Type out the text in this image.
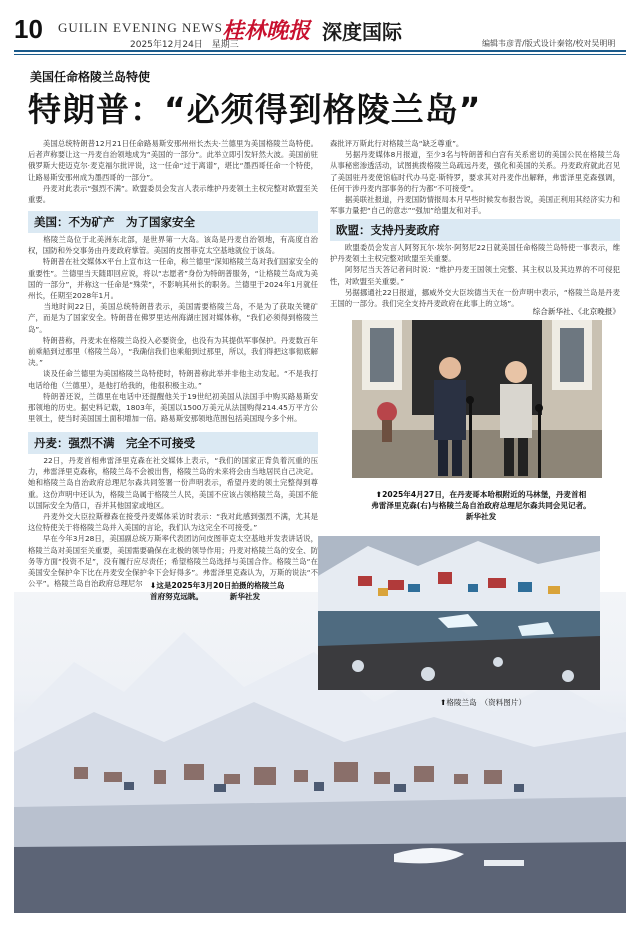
10 GUILIN EVENING NEWS
2025年12月24日　星期三
桂林晚报 深度国际	编辑韦彦青/版式设计秦铭/校对吴明明
美国任命格陵兰岛特使
特朗普：“必须得到格陵兰岛”
　　美国总统特朗普12月21日任命路易斯安那州州长杰夫·兰德里为美国格陵兰岛特使。后者声称要让这一丹麦自治领地成为“美国的一部分”。此举立即引发轩然大波。美国前驻俄罗斯大使迈克尔·麦克福尔批评说，这一任命“过于离谱”，堪比“墨西哥任命一个特使，让路易斯安那州成为墨西哥的一部分”。
　　丹麦对此表示“强烈不满”。欧盟委员会发言人表示维护丹麦领土主权完整对欧盟至关重要。
美国：不为矿产　为了国家安全
　　格陵兰岛位于北美洲东北部，是世界第一大岛。该岛是丹麦自治领地，有高度自治权，国防和外交事务由丹麦政府掌管。美国的皮图菲克太空基地就位于该岛。
　　特朗普在社交媒体X平台上宣布这一任命，称兰德里“深知格陵兰岛对我们国家安全的重要性”。兰德里当天随即回应说，将以“志愿者”身份为特朗普服务，“让格陵兰岛成为美国的一部分”，并称这一任命是“殊荣”，不影响其州长的职务。兰德里于2024年1月就任州长，任期至2028年1月。
　　当地时间22日，美国总统特朗普表示，美国需要格陵兰岛，不是为了获取关键矿产，而是为了国家安全。特朗普在佛罗里达州海湖庄园对媒体称，“我们必须得到格陵兰岛”。
　　特朗普称，丹麦未在格陵兰岛投入必要资金，也没有为其提供军事保护。丹麦数百年前乘船到过那里（格陵兰岛），“我确信我们也乘船到过那里，所以，我们得把这事彻底解决。”
　　谈及任命兰德里为美国格陵兰岛特使时，特朗普称此举并非他主动发起。“不是我打电话给他（兰德里），是他打给我的，他很积极主动。”
　　特朗普还说，兰德里在电话中还提醒他关于19世纪初美国从法国手中购买路易斯安那领地的历史。据史料记载，1803年，美国以1500万美元从法国购得214.45万平方公里领土，使当时美国国土面积增加一倍。路易斯安那领地范围包括美国现今多个州。
丹麦：强烈不满　完全不可接受
　　22日，丹麦首相弗雷泽里克森在社交媒体上表示，“我们的国家正背负着沉重的压力，弗雷泽里克森称，格陵兰岛不会被出售，格陵兰岛的未来将会由当地居民自己决定。她和格陵兰岛自治政府总理尼尔森共同签署一份声明表示，希望丹麦的领土完整得到尊重。这份声明中还认为，格陵兰岛属于格陵兰人民，美国不应该占领格陵兰岛，美国不能以国际安全为借口，吞并其他国家或地区。
　　丹麦外交大臣拉斯穆森在接受丹麦媒体采访时表示：“我对此感到强烈不满，尤其是这位特使关于将格陵兰岛并入美国的言论，我们认为这完全不可接受。”
　　早在今年3月28日，美国副总统万斯率代表团访问皮图菲克太空基地并发表讲话说，格陵兰岛对美国至关重要，美国需要确保在北极的领导作用；丹麦对格陵兰岛的安全、防务等方面“投资不足”，没有履行应尽责任；希望格陵兰岛选择与美国合作。格陵兰岛“在美国安全保护伞下比在丹麦安全保护伞下会好得多”。弗雷泽里克森认为，万斯的说法“不公平”。格陵兰岛自治政府总理尼尔 ⬇这是2025年3月20日拍摄的格陵兰岛
首府努克远眺。　　　　新华社发
森批评万斯此行对格陵兰岛“缺乏尊重”。
　　另据丹麦媒体8月报道，至少3名与特朗普和白宫有关系密切的美国公民在格陵兰岛从事秘密渗透活动，试图挑拨格陵兰岛疏远丹麦，强化和美国的关系。丹麦政府就此召见了美国驻丹麦使馆临时代办马克·斯特罗，要求其对丹麦作出解释，弗雷泽里克森强调，任何干涉丹麦内部事务的行为都“不可接受”。
　　据美联社报道，丹麦国防情报局本月早些时候发布报告说，美国正利用其经济实力和军事力量把“自己的意志”“强加”给盟友和对手。
欧盟：支持丹麦政府
　　欧盟委员会发言人阿努瓦尔·埃尔·阿努尼22日就美国任命格陵兰岛特使一事表示，维护丹麦领土主权完整对欧盟至关重要。
　　阿努尼当天答记者问时说：“维护丹麦王国领土完整、其主权以及其边界的不可侵犯性，对欧盟至关重要。”
　　另据挪通社22日报道，挪威外交大臣埃德当天在一份声明中表示，“格陵兰岛是丹麦王国的一部分。我们完全支持丹麦政府在此事上的立场”。
综合新华社、《北京晚报》
⬆2025年4月27日，在丹麦哥本哈根附近的马林堡，丹麦首相
弗雷泽里克森(右)与格陵兰岛自治政府总理尼尔森共同会见记者。
新华社发
⬆格陵兰岛　（资料图片）
